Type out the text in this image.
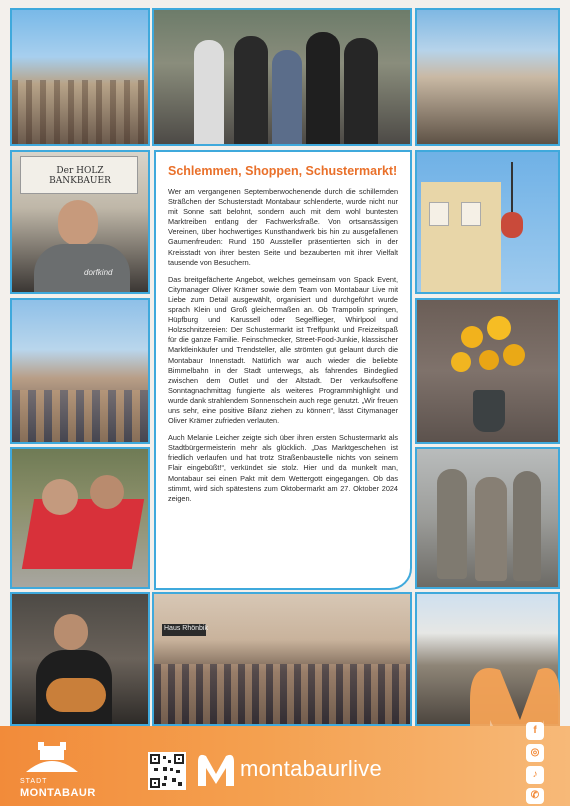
Der HOLZ BANKBAUER
dorfkind
Schlemmen, Shoppen, Schustermarkt!

Wer am vergangenen Septemberwochenende durch die schillernden Sträßchen der Schusterstadt Montabaur schlenderte, wurde nicht nur mit Sonne satt belohnt, sondern auch mit dem wohl buntesten Marktreiben entlang der Fachwerksfraße. Von ortsansässigen Vereinen, über hochwertiges Kunsthandwerk bis hin zu ausgefallenen Gaumenfreuden: Rund 150 Aussteller präsentierten sich in der Kreisstadt von ihrer besten Seite und bezauberten mit ihrer Vielfalt tausende von Besuchern.

Das breitgefächerte Angebot, welches gemeinsam von Spack Event, Citymanager Oliver Krämer sowie dem Team von Montabaur Live mit Liebe zum Detail ausgewählt, organisiert und durchgeführt wurde sprach Klein und Groß gleichermaßen an. Ob Trampolin springen, Hüpfburg und Karussell oder Segelflieger, Whirlpool und Holzschnitzereien: Der Schustermarkt ist Treffpunkt und Freizeitspaß für die ganze Familie. Feinschmecker, Street-Food-Junkie, klassischer Marktleinkäufer und Trendsteller, alle strömten gut gelaunt durch die Montabaur Innenstadt. Natürlich war auch wieder die beliebte Bimmelbahn in der Stadt unterwegs, als fahrendes Bindeglied zwischen dem Outlet und der Altstadt. Der verkaufsoffene Sonntagnachmittag fungierte als weiteres Programmhighlight und wurde dank strahlendem Sonnenschein auch rege genutzt. „Wir freuen uns sehr, eine positive Bilanz ziehen zu können“, lässt Citymanager Oliver Krämer zufrieden verlauten.

Auch Melanie Leicher zeigte sich über ihren ersten Schustermarkt als Stadtbürgermeisterin mehr als glücklich. „Das Marktgeschehen ist friedlich verlaufen und hat trotz Straßenbaustelle nichts von seinem Flair eingebüßt!“, verkündet sie stolz. Hier und da munkelt man, Montabaur sei einen Pakt mit dem Wettergott eingegangen. Ob das stimmt, wird sich spätestens zum Oktobermarkt am 27. Oktober 2024 zeigen.

Haus Rhönbik
STADT
MONTABAUR
montabaurlive
f
◎
♪
✆
